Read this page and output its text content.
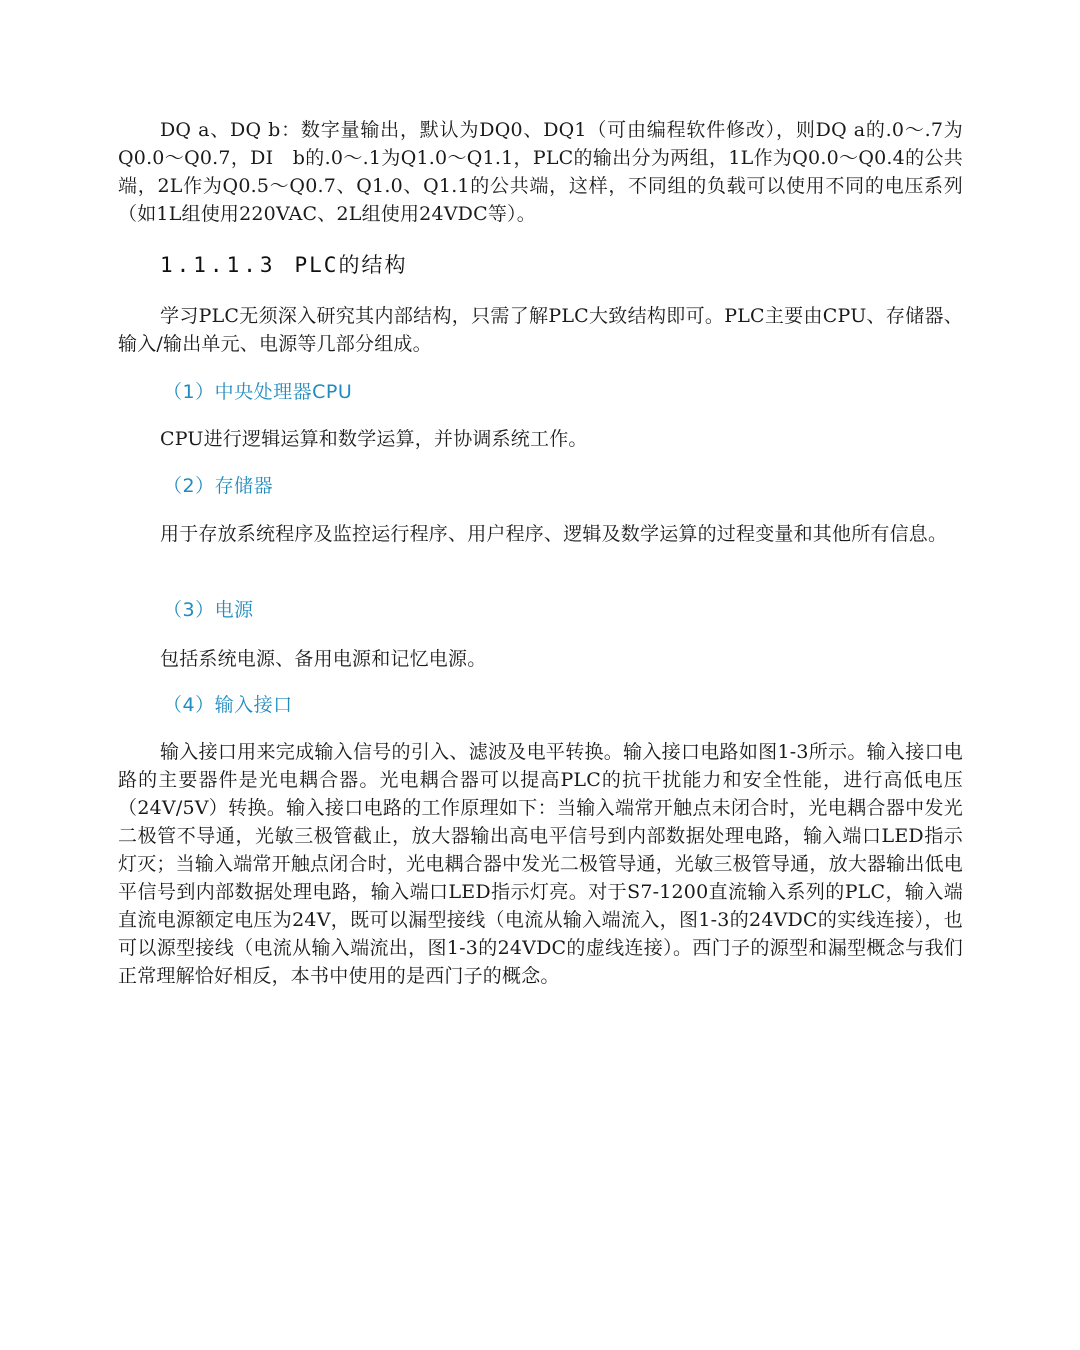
DQ a、DQ b：数字量输出，默认为DQ0、DQ1（可由编程软件修改），则DQ a的.0～.7为Q0.0～Q0.7，DI　b的.0～.1为Q1.0～Q1.1，PLC的输出分为两组，1L作为Q0.0～Q0.4的公共端，2L作为Q0.5～Q0.7、Q1.0、Q1.1的公共端，这样，不同组的负载可以使用不同的电压系列（如1L组使用220VAC、2L组使用24VDC等）。

1.1.1.3 PLC的结构

学习PLC无须深入研究其内部结构，只需了解PLC大致结构即可。PLC主要由CPU、存储器、输入/输出单元、电源等几部分组成。

（1）中央处理器CPU

CPU进行逻辑运算和数学运算，并协调系统工作。

（2）存储器

用于存放系统程序及监控运行程序、用户程序、逻辑及数学运算的过程变量和其他所有信息。

（3）电源

包括系统电源、备用电源和记忆电源。

（4）输入接口

输入接口用来完成输入信号的引入、滤波及电平转换。输入接口电路如图1-3所示。输入接口电路的主要器件是光电耦合器。光电耦合器可以提高PLC的抗干扰能力和安全性能，进行高低电压（24V/5V）转换。输入接口电路的工作原理如下：当输入端常开触点未闭合时，光电耦合器中发光二极管不导通，光敏三极管截止，放大器输出高电平信号到内部数据处理电路，输入端口LED指示灯灭；当输入端常开触点闭合时，光电耦合器中发光二极管导通，光敏三极管导通，放大器输出低电平信号到内部数据处理电路，输入端口LED指示灯亮。对于S7-1200直流输入系列的PLC，输入端直流电源额定电压为24V，既可以漏型接线（电流从输入端流入，图1-3的24VDC的实线连接），也可以源型接线（电流从输入端流出，图1-3的24VDC的虚线连接）。西门子的源型和漏型概念与我们正常理解恰好相反，本书中使用的是西门子的概念。
